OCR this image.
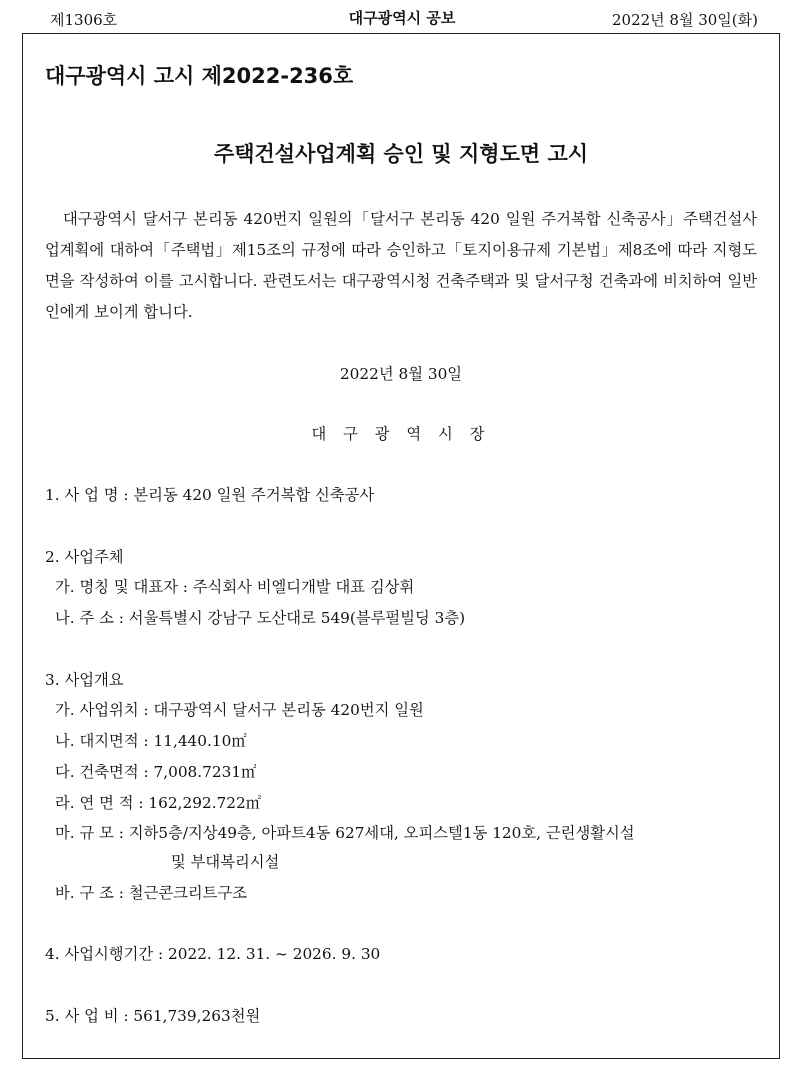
제1306호	대구광역시 공보	2022년 8월 30일(화)
대구광역시 고시 제2022-236호
주택건설사업계획 승인 및 지형도면 고시
대구광역시 달서구 본리동 420번지 일원의「달서구 본리동 420 일원 주거복합 신축공사」주택건설사업계획에 대하여「주택법」제15조의 규정에 따라 승인하고「토지이용규제 기본법」제8조에 따라 지형도면을 작성하여 이를 고시합니다. 관련도서는 대구광역시청 건축주택과 및 달서구청 건축과에 비치하여 일반인에게 보이게 합니다.
2022년 8월 30일
대 구 광 역 시 장
1. 사 업 명 : 본리동 420 일원 주거복합 신축공사
2. 사업주체
가. 명칭 및 대표자 : 주식회사 비엘디개발 대표 김상휘
나. 주 소 : 서울특별시 강남구 도산대로 549(블루펄빌딩 3층)
3. 사업개요
가. 사업위치 : 대구광역시 달서구 본리동 420번지 일원
나. 대지면적 : 11,440.10㎡
다. 건축면적 : 7,008.7231㎡
라. 연 면 적 : 162,292.722㎡
마. 규 모 : 지하5층/지상49층, 아파트4동 627세대, 오피스텔1동 120호, 근린생활시설
및 부대복리시설
바. 구 조 : 철근콘크리트구조
4. 사업시행기간 : 2022. 12. 31. ~ 2026. 9. 30
5. 사 업 비 : 561,739,263천원
